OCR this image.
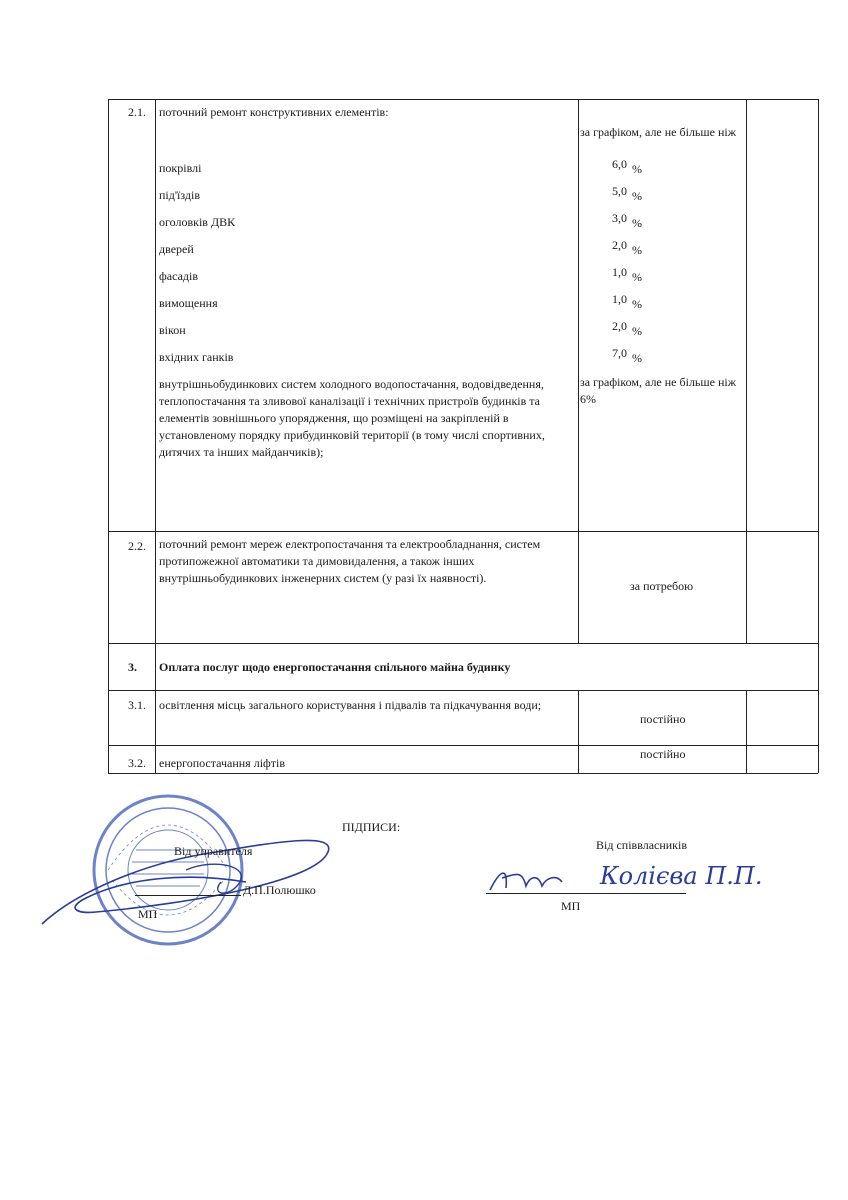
2.1. поточний ремонт конструктивних елементів:
за графіком, але не більше ніж
покрівлі
під'їздів
оголовків ДВК
дверей
фасадів
вимощення
вікон
вхідних ганків
6,0 %
5,0 %
3,0 %
2,0 %
1,0 %
1,0 %
2,0 %
7,0 %
внутрішньобудинкових систем холодного водопостачання, водовідведення, теплопостачання та зливової каналізації і технічних пристроїв будинків та елементів зовнішнього упорядження, що розміщені на закріпленій в установленому порядку прибудинковій території (в тому числі спортивних, дитячих та інших майданчиків);
за графіком, але не більше ніж 6%
2.2. поточний ремонт мереж електропостачання та електрообладнання, систем протипожежної автоматики та димовидалення, а також інших внутрішньобудинкових інженерних систем (у разі їх наявності).
за потребою
3. Оплата послуг щодо енергопостачання спільного майна будинку
3.1. освітлення місць загального користування і підвалів та підкачування води;
постійно
3.2. енергопостачання ліфтів
постійно
ПІДПИСИ:
Від управителя
Д.П.Полюшко
МП
Від співвласників
Колієва П.П.
МП
